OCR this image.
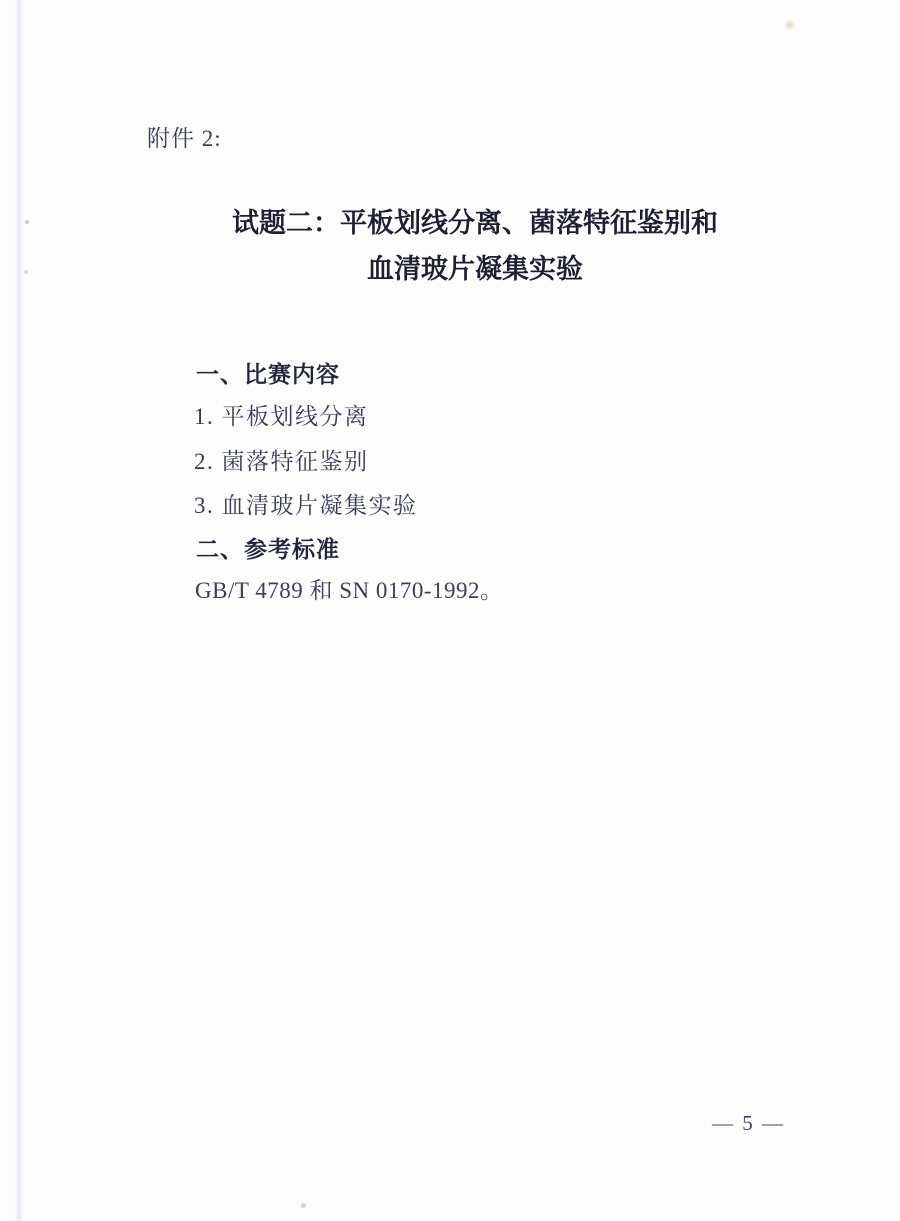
附件 2:
试题二：平板划线分离、菌落特征鉴别和
血清玻片凝集实验
一、比赛内容
1. 平板划线分离
2. 菌落特征鉴别
3. 血清玻片凝集实验
二、参考标准
GB/T 4789 和 SN 0170-1992。
— 5 —
